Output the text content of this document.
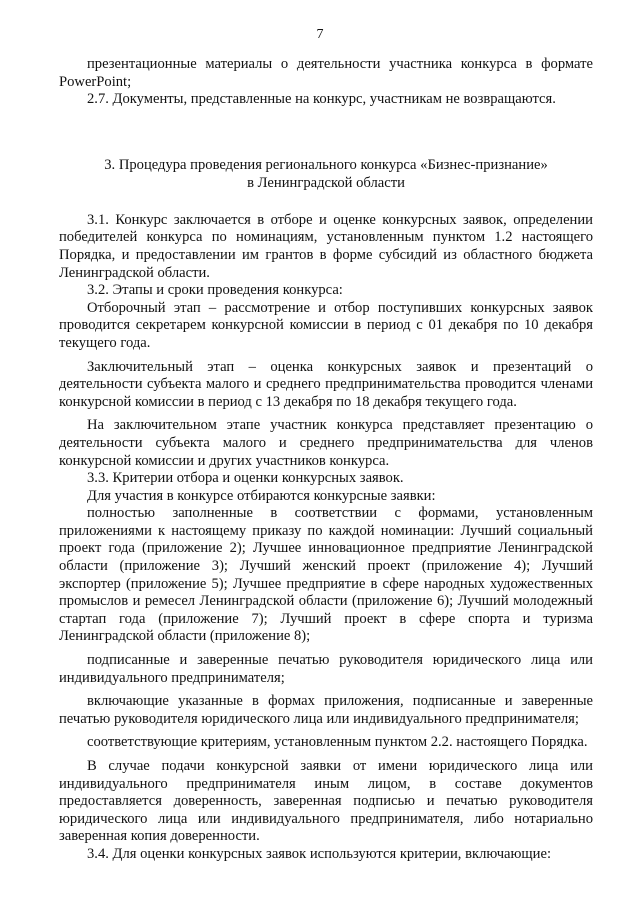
7

презентационные материалы о деятельности участника конкурса в формате PowerPoint;

2.7. Документы, представленные на конкурс, участникам не возвращаются.

3. Процедура проведения регионального конкурса «Бизнес-признание»
в Ленинградской области

3.1. Конкурс заключается в отборе и оценке конкурсных заявок, определении победителей конкурса по номинациям, установленным пунктом 1.2 настоящего Порядка, и предоставлении им грантов в форме субсидий из областного бюджета Ленинградской области.

3.2. Этапы и сроки проведения конкурса:

Отборочный этап – рассмотрение и отбор поступивших конкурсных заявок проводится секретарем конкурсной комиссии в период с 01 декабря по 10 декабря текущего года.

Заключительный этап – оценка конкурсных заявок и презентаций о деятельности субъекта малого и среднего предпринимательства проводится членами конкурсной комиссии в период с 13 декабря по 18 декабря текущего года.

На заключительном этапе участник конкурса представляет презентацию о деятельности субъекта малого и среднего предпринимательства для членов конкурсной комиссии и других участников конкурса.

3.3. Критерии отбора и оценки конкурсных заявок.

Для участия в конкурсе отбираются конкурсные заявки:

полностью заполненные в соответствии с формами, установленным приложениями к настоящему приказу по каждой номинации: Лучший социальный проект года (приложение 2); Лучшее инновационное предприятие Ленинградской области (приложение 3); Лучший женский проект (приложение 4); Лучший экспортер (приложение 5); Лучшее предприятие в сфере народных художественных промыслов и ремесел Ленинградской области (приложение 6); Лучший молодежный стартап года (приложение 7); Лучший проект в сфере спорта и туризма Ленинградской области (приложение 8);

подписанные и заверенные печатью руководителя юридического лица или индивидуального предпринимателя;

включающие указанные в формах приложения, подписанные и заверенные печатью руководителя юридического лица или индивидуального предпринимателя;

соответствующие критериям, установленным пунктом 2.2. настоящего Порядка.

В случае подачи конкурсной заявки от имени юридического лица или индивидуального предпринимателя иным лицом, в составе документов предоставляется доверенность, заверенная подписью и печатью руководителя юридического лица или индивидуального предпринимателя, либо нотариально заверенная копия доверенности.

3.4. Для оценки конкурсных заявок используются критерии, включающие:
